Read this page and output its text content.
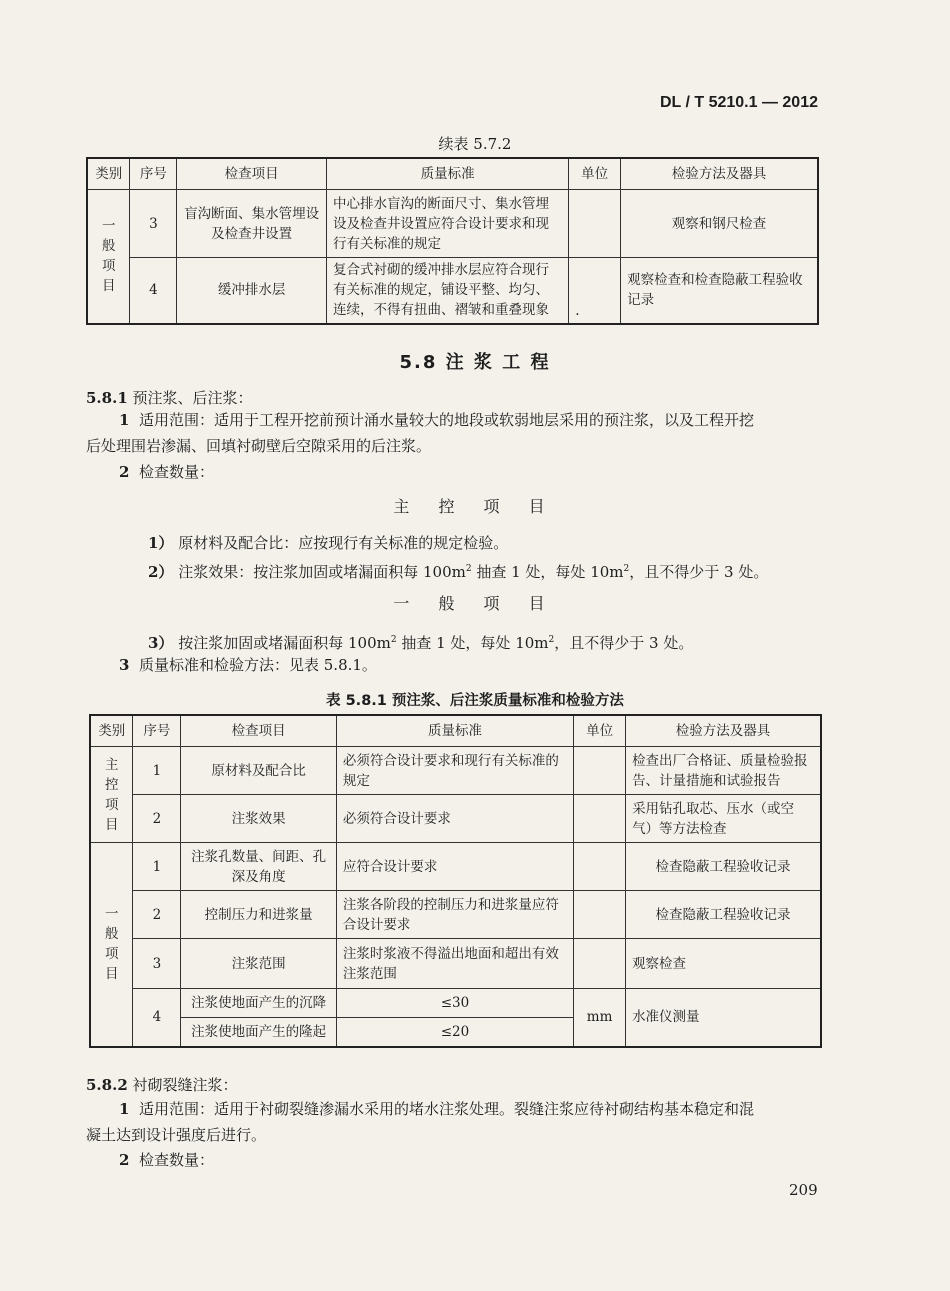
DL / T 5210.1 — 2012
续表 5.7.2
类别	序号	检查项目	质量标准	单位	检验方法及器具
一般项目	3	盲沟断面、集水管埋设及检查井设置	中心排水盲沟的断面尺寸、集水管埋设及检查井设置应符合设计要求和现行有关标准的规定		观察和钢尺检查
	4	缓冲排水层	复合式衬砌的缓冲排水层应符合现行有关标准的规定，铺设平整、均匀、连续，不得有扭曲、褶皱和重叠现象	.	观察检查和检查隐蔽工程验收记录
5.8 注 浆 工 程
5.8.1 预注浆、后注浆：
1 适用范围：适用于工程开挖前预计涌水量较大的地段或软弱地层采用的预注浆，以及工程开挖
后处理围岩渗漏、回填衬砌壁后空隙采用的后注浆。
2 检查数量：
主 控 项 目
1） 原材料及配合比：应按现行有关标准的规定检验。
2） 注浆效果：按注浆加固或堵漏面积每 $100m^2$ 抽查 1 处，每处 $10m^2$，且不得少于 3 处。
一 般 项 目
3） 按注浆加固或堵漏面积每 $100m^2$ 抽查 1 处，每处 $10m^2$，且不得少于 3 处。
3 质量标准和检验方法：见表 5.8.1。
表 5.8.1 预注浆、后注浆质量标准和检验方法
类别	序号	检查项目	质量标准	单位	检验方法及器具
主
控
项
目	1	原材料及配合比	必须符合设计要求和现行有关标准的规定		检查出厂合格证、质量检验报告、计量措施和试验报告
	2	注浆效果	必须符合设计要求		采用钻孔取芯、压水（或空气）等方法检查
一
般
项
目	1	注浆孔数量、间距、孔深及角度	应符合设计要求		检查隐蔽工程验收记录
	2	控制压力和进浆量	注浆各阶段的控制压力和进浆量应符合设计要求		检查隐蔽工程验收记录
	3	注浆范围	注浆时浆液不得溢出地面和超出有效注浆范围		观察检查
	4	注浆使地面产生的沉降	≤30	mm	水准仪测量
		注浆使地面产生的隆起	≤20		
5.8.2 衬砌裂缝注浆：
1 适用范围：适用于衬砌裂缝渗漏水采用的堵水注浆处理。裂缝注浆应待衬砌结构基本稳定和混
凝土达到设计强度后进行。
2 检查数量：
209
